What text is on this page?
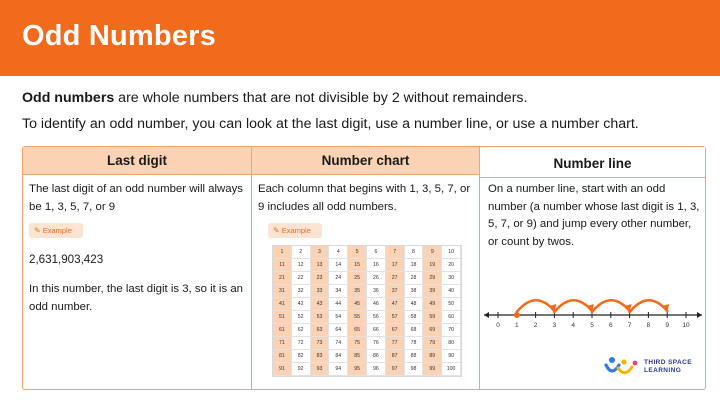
Odd Numbers
Odd numbers are whole numbers that are not divisible by 2 without remainders.
To identify an odd number, you can look at the last digit, use a number line, or use a number chart.
Last digit
The last digit of an odd number will always be 1, 3, 5, 7, or 9
✎ Example
2,631,903,423
In this number, the last digit is 3, so it is an odd number.
Number chart
Each column that begins with 1, 3, 5, 7, or 9 includes all odd numbers.
✎ Example
1	2	3	4	5	6	7	8	9	10
11	12	13	14	15	16	17	18	19	20
21	22	23	24	25	26	27	28	29	30
31	32	33	34	35	36	37	38	39	40
41	42	43	44	45	46	47	48	49	50
51	52	53	54	55	56	57	58	59	60
61	62	63	64	65	66	67	68	69	70
71	72	73	74	75	76	77	78	79	80
81	82	83	84	85	86	87	88	89	90
91	92	93	94	95	96	97	98	99	100
Number line
On a number line, start with an odd number (a number whose last digit is 1, 3, 5, 7, or 9) and jump every other number, or count by twos.
0 1 2 3 4 5 6 7 8 9 10
THIRD SPACE
LEARNING
